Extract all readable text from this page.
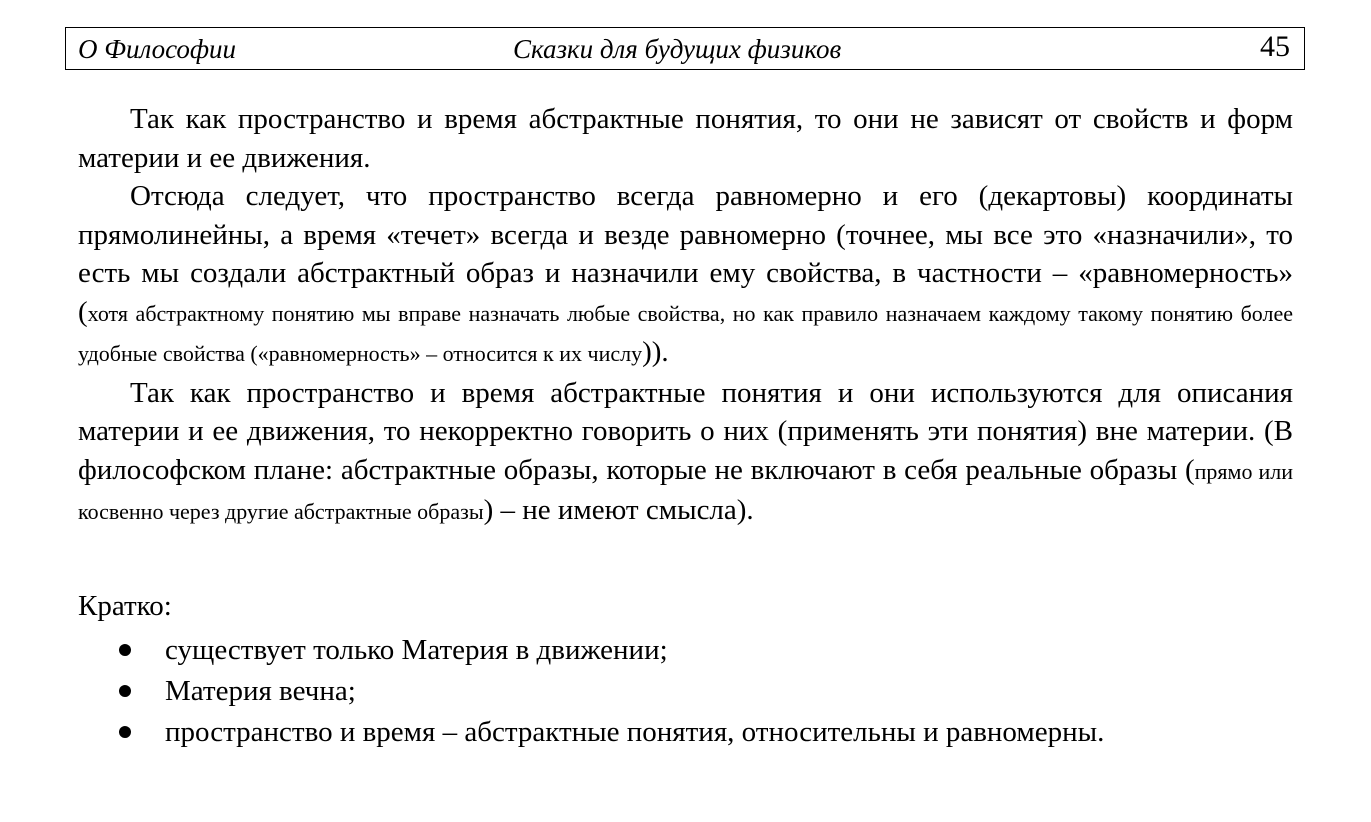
О Философии	Сказки для будущих физиков	45

Так как пространство и время абстрактные понятия, то они не зависят от свойств и форм материи и ее движения.

Отсюда следует, что пространство всегда равномерно и его (декартовы) координаты прямолинейны, а время «течет» всегда и везде равномерно (точнее, мы все это «назначили», то есть мы создали абстрактный образ и назначили ему свойства, в частности – «равномерность» (хотя абстрактному понятию мы вправе назначать любые свойства, но как правило назначаем каждому такому понятию более удобные свойства («равномерность» – относится к их числу)).

Так как пространство и время абстрактные понятия и они используются для описания материи и ее движения, то некорректно говорить о них (применять эти понятия) вне материи. (В философском плане: абстрактные образы, которые не включают в себя реальные образы (прямо или косвенно через другие абстрактные образы) – не имеют смысла).

Кратко:
существует только Материя в движении;
Материя вечна;
пространство и время – абстрактные понятия, относительны и равномерны.
